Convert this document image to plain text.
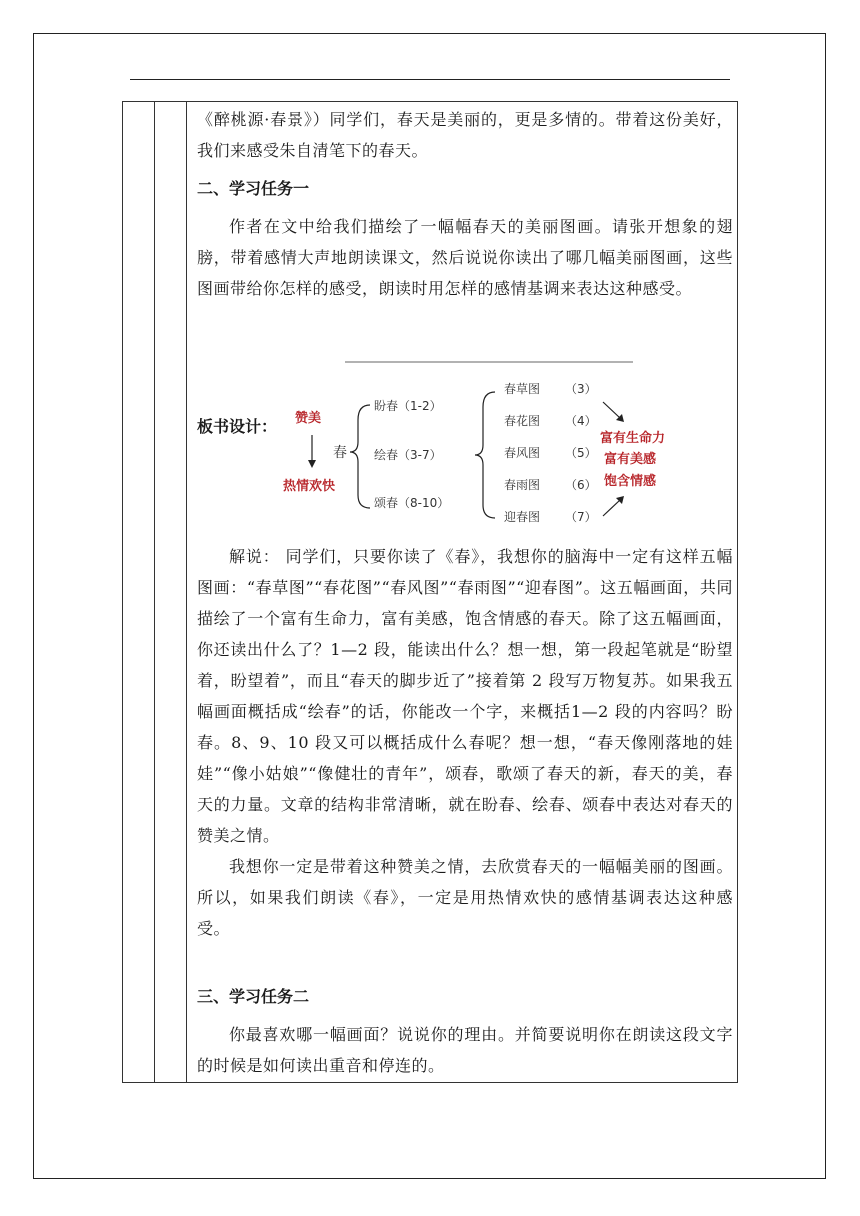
《醉桃源·春景》）同学们，春天是美丽的，更是多情的。带着这份美好，我们来感受朱自清笔下的春天。

二、学习任务一

作者在文中给我们描绘了一幅幅春天的美丽图画。请张开想象的翅膀，带着感情大声地朗读课文，然后说说你读出了哪几幅美丽图画，这些图画带给你怎样的感受，朗读时用怎样的感情基调来表达这种感受。

板书设计：

解说： 同学们，只要你读了《春》，我想你的脑海中一定有这样五幅图画：“春草图”“春花图”“春风图”“春雨图”“迎春图”。这五幅画面，共同描绘了一个富有生命力，富有美感，饱含情感的春天。除了这五幅画面，你还读出什么了？1—2 段，能读出什么？想一想，第一段起笔就是“盼望着，盼望着”，而且“春天的脚步近了”接着第 2 段写万物复苏。如果我五幅画面概括成“绘春”的话，你能改一个字，来概括1—2 段的内容吗？盼春。8、9、10 段又可以概括成什么春呢？想一想，“春天像刚落地的娃娃”“像小姑娘”“像健壮的青年”，颂春，歌颂了春天的新，春天的美，春天的力量。文章的结构非常清晰，就在盼春、绘春、颂春中表达对春天的赞美之情。

我想你一定是带着这种赞美之情，去欣赏春天的一幅幅美丽的图画。所以，如果我们朗读《春》，一定是用热情欢快的感情基调表达这种感受。

三、学习任务二

你最喜欢哪一幅画面？说说你的理由。并简要说明你在朗读这段文字的时候是如何读出重音和停连的。

赞美
热情欢快
春
盼春（1-2）
绘春（3-7）
颂春（8-10）
春草图 （3）
春花图 （4）
春风图 （5）
春雨图 （6）
迎春图 （7）
富有生命力
富有美感
饱含情感
